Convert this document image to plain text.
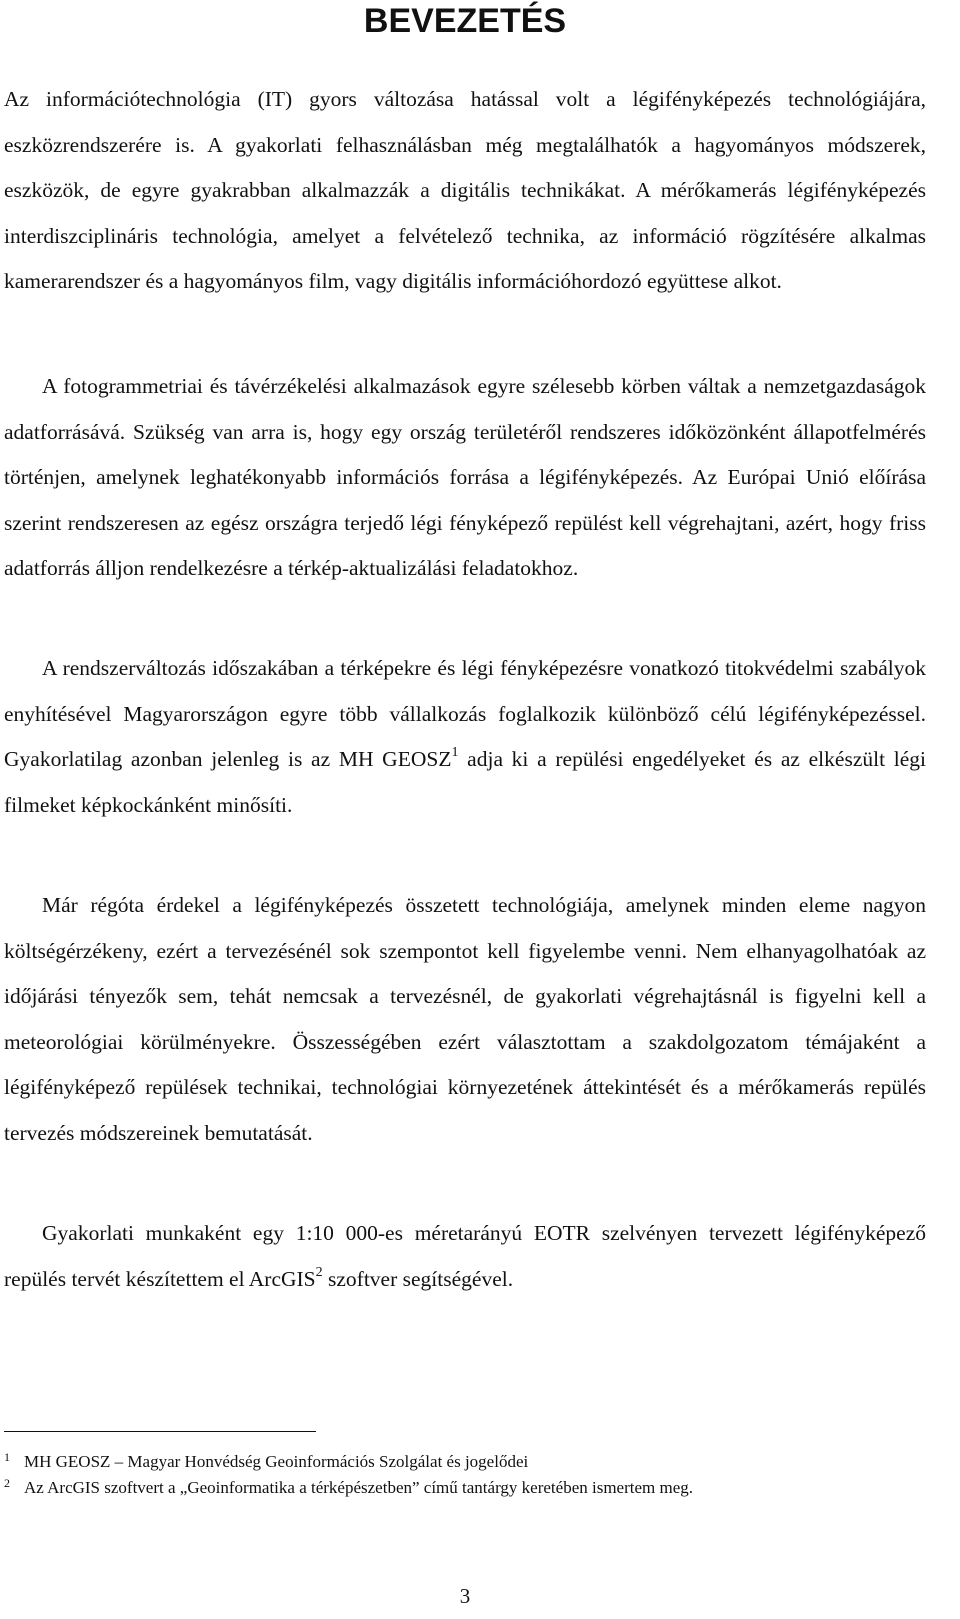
BEVEZETÉS

Az információtechnológia (IT) gyors változása hatással volt a légifényképezés technológiájára, eszközrendszerére is. A gyakorlati felhasználásban még megtalálhatók a hagyományos módszerek, eszközök, de egyre gyakrabban alkalmazzák a digitális technikákat. A mérőkamerás légifényképezés interdiszciplináris technológia, amelyet a felvételező technika, az információ rögzítésére alkalmas kamerarendszer és a hagyományos film, vagy digitális információhordozó együttese alkot.

A fotogrammetriai és távérzékelési alkalmazások egyre szélesebb körben váltak a nemzetgazdaságok adatforrásává. Szükség van arra is, hogy egy ország területéről rendszeres időközönként állapotfelmérés történjen, amelynek leghatékonyabb információs forrása a légifényképezés. Az Európai Unió előírása szerint rendszeresen az egész országra terjedő légi fényképező repülést kell végrehajtani, azért, hogy friss adatforrás álljon rendelkezésre a térkép-aktualizálási feladatokhoz.

A rendszerváltozás időszakában a térképekre és légi fényképezésre vonatkozó titokvédelmi szabályok enyhítésével Magyarországon egyre több vállalkozás foglalkozik különböző célú légifényképezéssel. Gyakorlatilag azonban jelenleg is az MH GEOSZ$^1$ adja ki a repülési engedélyeket és az elkészült légi filmeket képkockánként minősíti.

Már régóta érdekel a légifényképezés összetett technológiája, amelynek minden eleme nagyon költségérzékeny, ezért a tervezésénél sok szempontot kell figyelembe venni. Nem elhanyagolhatóak az időjárási tényezők sem, tehát nemcsak a tervezésnél, de gyakorlati végrehajtásnál is figyelni kell a meteorológiai körülményekre. Összességében ezért választottam a szakdolgozatom témájaként a légifényképező repülések technikai, technológiai környezetének áttekintését és a mérőkamerás repülés tervezés módszereinek bemutatását.

Gyakorlati munkaként egy 1:10 000-es méretarányú EOTR szelvényen tervezett légifényképező repülés tervét készítettem el ArcGIS$^2$ szoftver segítségével.

1 MH GEOSZ – Magyar Honvédség Geoinformációs Szolgálat és jogelődei
2 Az ArcGIS szoftvert a „Geoinformatika a térképészetben” című tantárgy keretében ismertem meg.
3
